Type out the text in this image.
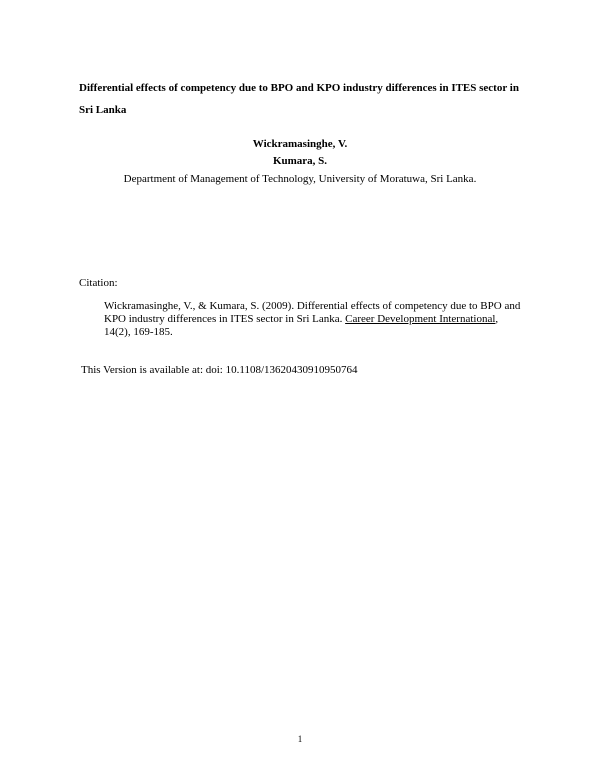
Differential effects of competency due to BPO and KPO industry differences in ITES sector in Sri Lanka
Wickramasinghe, V.
Kumara, S.
Department of Management of Technology, University of Moratuwa, Sri Lanka.
Citation:
Wickramasinghe, V., & Kumara, S. (2009). Differential effects of competency due to BPO and KPO industry differences in ITES sector in Sri Lanka. Career Development International, 14(2), 169-185.
This Version is available at: doi: 10.1108/13620430910950764
1
